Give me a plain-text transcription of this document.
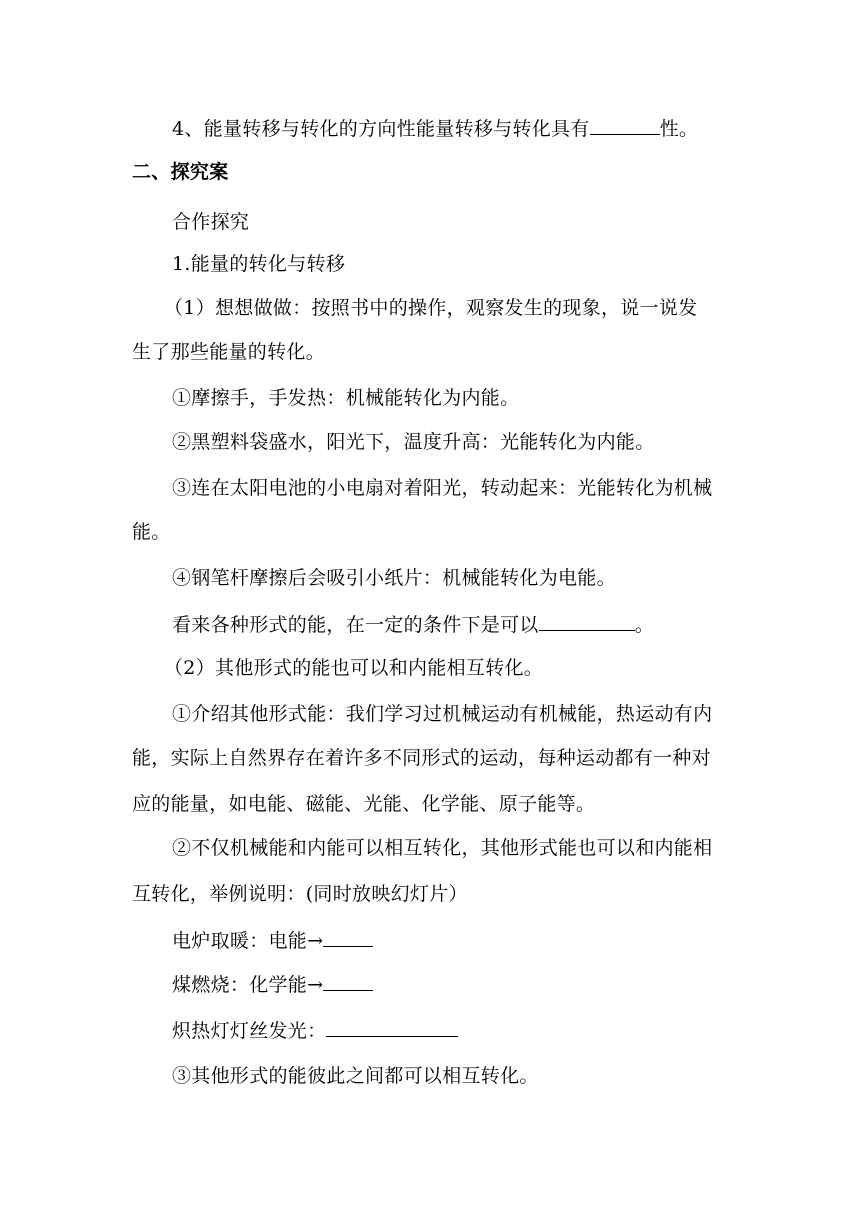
4、能量转移与转化的方向性能量转移与转化具有	性。
二、探究案
合作探究
1.能量的转化与转移
（1）想想做做：按照书中的操作，观察发生的现象，说一说发
生了那些能量的转化。
①摩擦手，手发热：机械能转化为内能。
②黑塑料袋盛水，阳光下，温度升高：光能转化为内能。
③连在太阳电池的小电扇对着阳光，转动起来：光能转化为机械
能。
④钢笔杆摩擦后会吸引小纸片：机械能转化为电能。
看来各种形式的能，在一定的条件下是可以	。
（2）其他形式的能也可以和内能相互转化。
①介绍其他形式能：我们学习过机械运动有机械能，热运动有内
能，实际上自然界存在着许多不同形式的运动，每种运动都有一种对
应的能量，如电能、磁能、光能、化学能、原子能等。
②不仅机械能和内能可以相互转化，其他形式能也可以和内能相
互转化，举例说明：(同时放映幻灯片）
电炉取暖：电能→
煤燃烧：化学能→
炽热灯灯丝发光：
③其他形式的能彼此之间都可以相互转化。
